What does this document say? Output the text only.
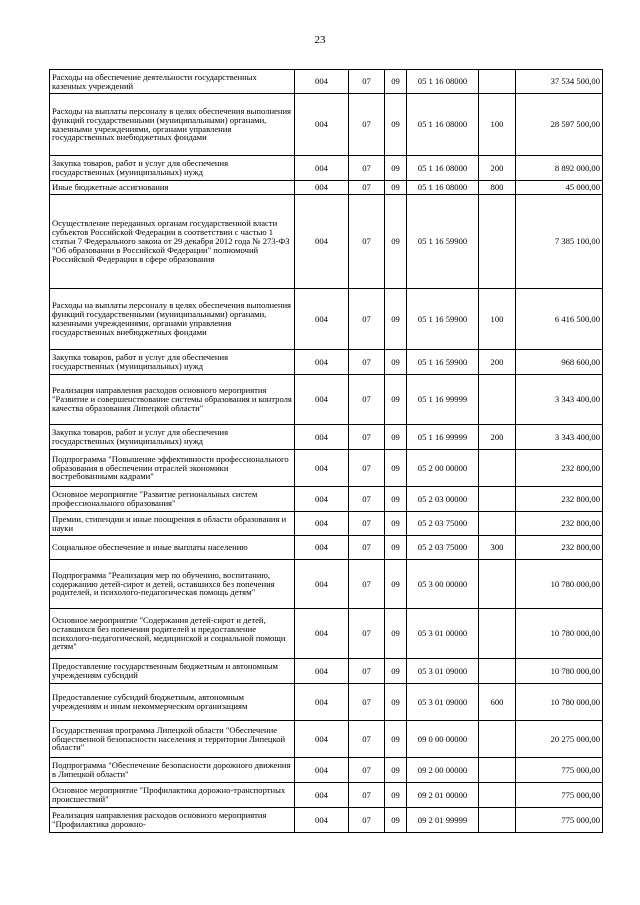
23
Расходы на обеспечение деятельности государственных казенных учреждений	004	07	09	05 1 16 08000		37 534 500,00
Расходы на выплаты персоналу в целях обеспечения выполнения функций государственными (муниципальными) органами, казенными учреждениями, органами управления государственных внебюджетных фондами	004	07	09	05 1 16 08000	100	28 597 500,00
Закупка товаров, работ и услуг для обеспечения государственных (муниципальных) нужд	004	07	09	05 1 16 08000	200	8 892 000,00
Иные бюджетные ассигнования	004	07	09	05 1 16 08000	800	45 000,00
Осуществление переданных органам государственной власти субъектов Российской Федерации в соответствии с частью 1 статьи 7 Федерального закона от 29 декабря 2012 года № 273-ФЗ "Об образовании в Российской Федерации" полномочий Российской Федерации в сфере образования	004	07	09	05 1 16 59900		7 385 100,00
Расходы на выплаты персоналу в целях обеспечения выполнения функций государственными (муниципальными) органами, казенными учреждениями, органами управления государственных внебюджетных фондами	004	07	09	05 1 16 59900	100	6 416 500,00
Закупка товаров, работ и услуг для обеспечения государственных (муниципальных) нужд	004	07	09	05 1 16 59900	200	968 600,00
Реализация направления расходов основного мероприятия "Развитие и совершенствование системы образования и контроля качества образования Липецкой области"	004	07	09	05 1 16 99999		3 343 400,00
Закупка товаров, работ и услуг для обеспечения государственных (муниципальных) нужд	004	07	09	05 1 16 99999	200	3 343 400,00
Подпрограмма "Повышение эффективности профессионального образования в обеспечении отраслей экономики востребованными кадрами"	004	07	09	05 2 00 00000		232 800,00
Основное мероприятие "Развитие региональных систем профессионального образования"	004	07	09	05 2 03 00000		232 800,00
Премии, стипендии и иные поощрения в области образования и науки	004	07	09	05 2 03 75000		232 800,00
Социальное обеспечение и иные выплаты населению	004	07	09	05 2 03 75000	300	232 800,00
Подпрограмма "Реализация мер по обучению, воспитанию, содержанию детей-сирот и детей, оставшихся без попечения родителей, и психолого-педагогическая помощь детям"	004	07	09	05 3 00 00000		10 780 000,00
Основное мероприятие "Содержания детей-сирот и детей, оставшихся без попечения родителей и предоставление психолого-педагогической, медицинской и социальной помощи детям"	004	07	09	05 3 01 00000		10 780 000,00
Предоставление государственным бюджетным и автономным учреждениям субсидий	004	07	09	05 3 01 09000		10 780 000,00
Предоставление субсидий бюджетным, автономным учреждениям и иным некоммерческим организациям	004	07	09	05 3 01 09000	600	10 780 000,00
Государственная программа Липецкой области "Обеспечение общественной безопасности населения и территории Липецкой области"	004	07	09	09 0 00 00000		20 275 000,00
Подпрограмма "Обеспечение безопасности дорожного движения в Липецкой области"	004	07	09	09 2 00 00000		775 000,00
Основное мероприятие "Профилактика дорожно-транспортных происшествий"	004	07	09	09 2 01 00000		775 000,00
Реализация направления расходов основного мероприятия "Профилактика дорожно-	004	07	09	09 2 01 99999		775 000,00
